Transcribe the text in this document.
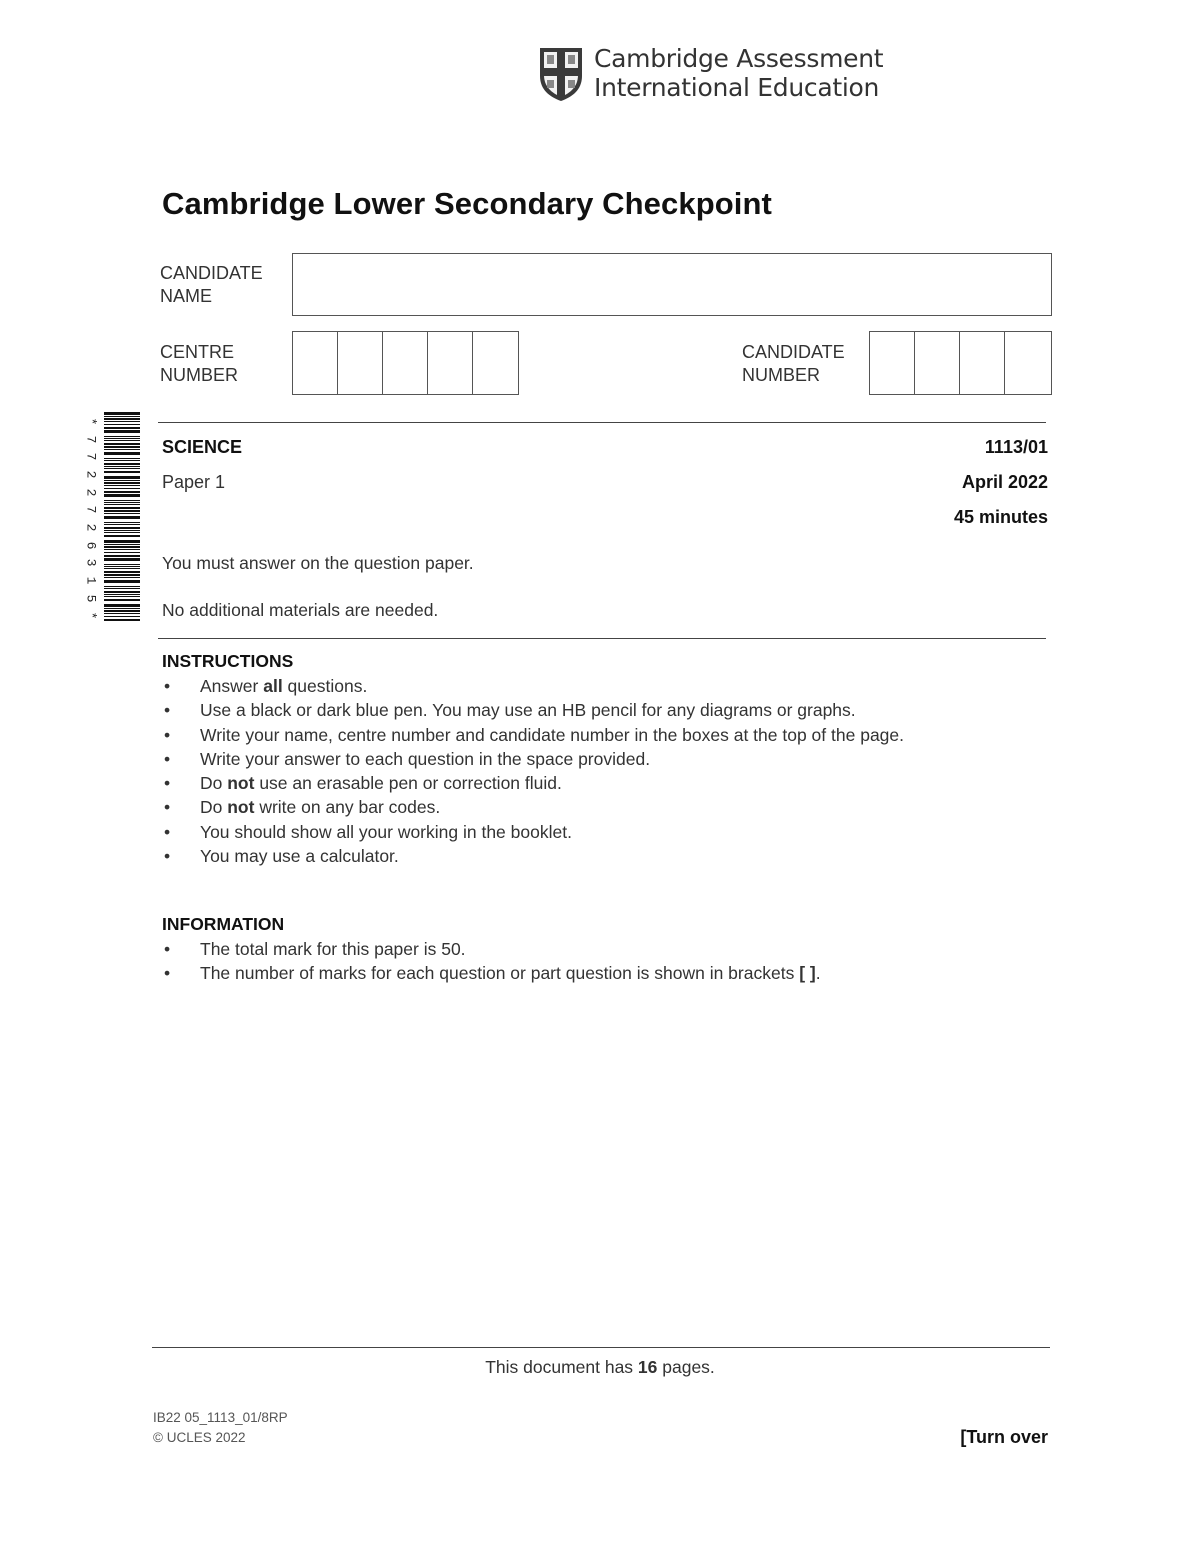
Cambridge Assessment
International Education
Cambridge Lower Secondary Checkpoint
CANDIDATE
NAME
CENTRE
NUMBER
CANDIDATE
NUMBER
*
7
7
2
2
7
2
6
3
1
5
*
SCIENCE
Paper 1
1113/01
April 2022
45 minutes
You must answer on the question paper.
No additional materials are needed.
INSTRUCTIONS
• Answer all questions.
• Use a black or dark blue pen. You may use an HB pencil for any diagrams or graphs.
• Write your name, centre number and candidate number in the boxes at the top of the page.
• Write your answer to each question in the space provided.
• Do not use an erasable pen or correction fluid.
• Do not write on any bar codes.
• You should show all your working in the booklet.
• You may use a calculator.
INFORMATION
• The total mark for this paper is 50.
• The number of marks for each question or part question is shown in brackets [ ].
This document has 16 pages.
IB22 05_1113_01/8RP
© UCLES 2022	[Turn over
